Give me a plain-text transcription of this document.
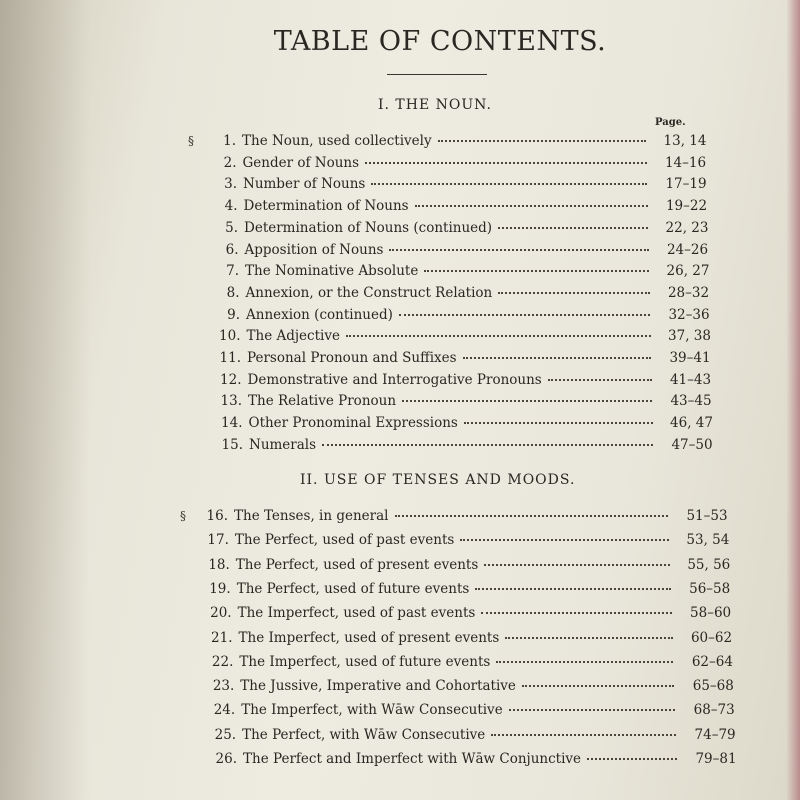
TABLE OF CONTENTS.
I. THE NOUN.
Page.
II. USE OF TENSES AND MOODS.
§	1. The Noun, used collectively	13, 14
2. Gender of Nouns	14–16
3. Number of Nouns	17–19
4. Determination of Nouns	19–22
5. Determination of Nouns (continued)	22, 23
6. Apposition of Nouns	24–26
7. The Nominative Absolute	26, 27
8. Annexion, or the Construct Relation	28–32
9. Annexion (continued)	32–36
10. The Adjective	37, 38
11. Personal Pronoun and Suffixes	39–41
12. Demonstrative and Interrogative Pronouns	41–43
13. The Relative Pronoun	43–45
14. Other Pronominal Expressions	46, 47
15. Numerals	47–50
§	16. The Tenses, in general	51–53
17. The Perfect, used of past events	53, 54
18. The Perfect, used of present events	55, 56
19. The Perfect, used of future events	56–58
20. The Imperfect, used of past events	58–60
21. The Imperfect, used of present events	60–62
22. The Imperfect, used of future events	62–64
23. The Jussive, Imperative and Cohortative	65–68
24. The Imperfect, with Wāw Consecutive	68–73
25. The Perfect, with Wāw Consecutive	74–79
26. The Perfect and Imperfect with Wāw Conjunctive	79–81
